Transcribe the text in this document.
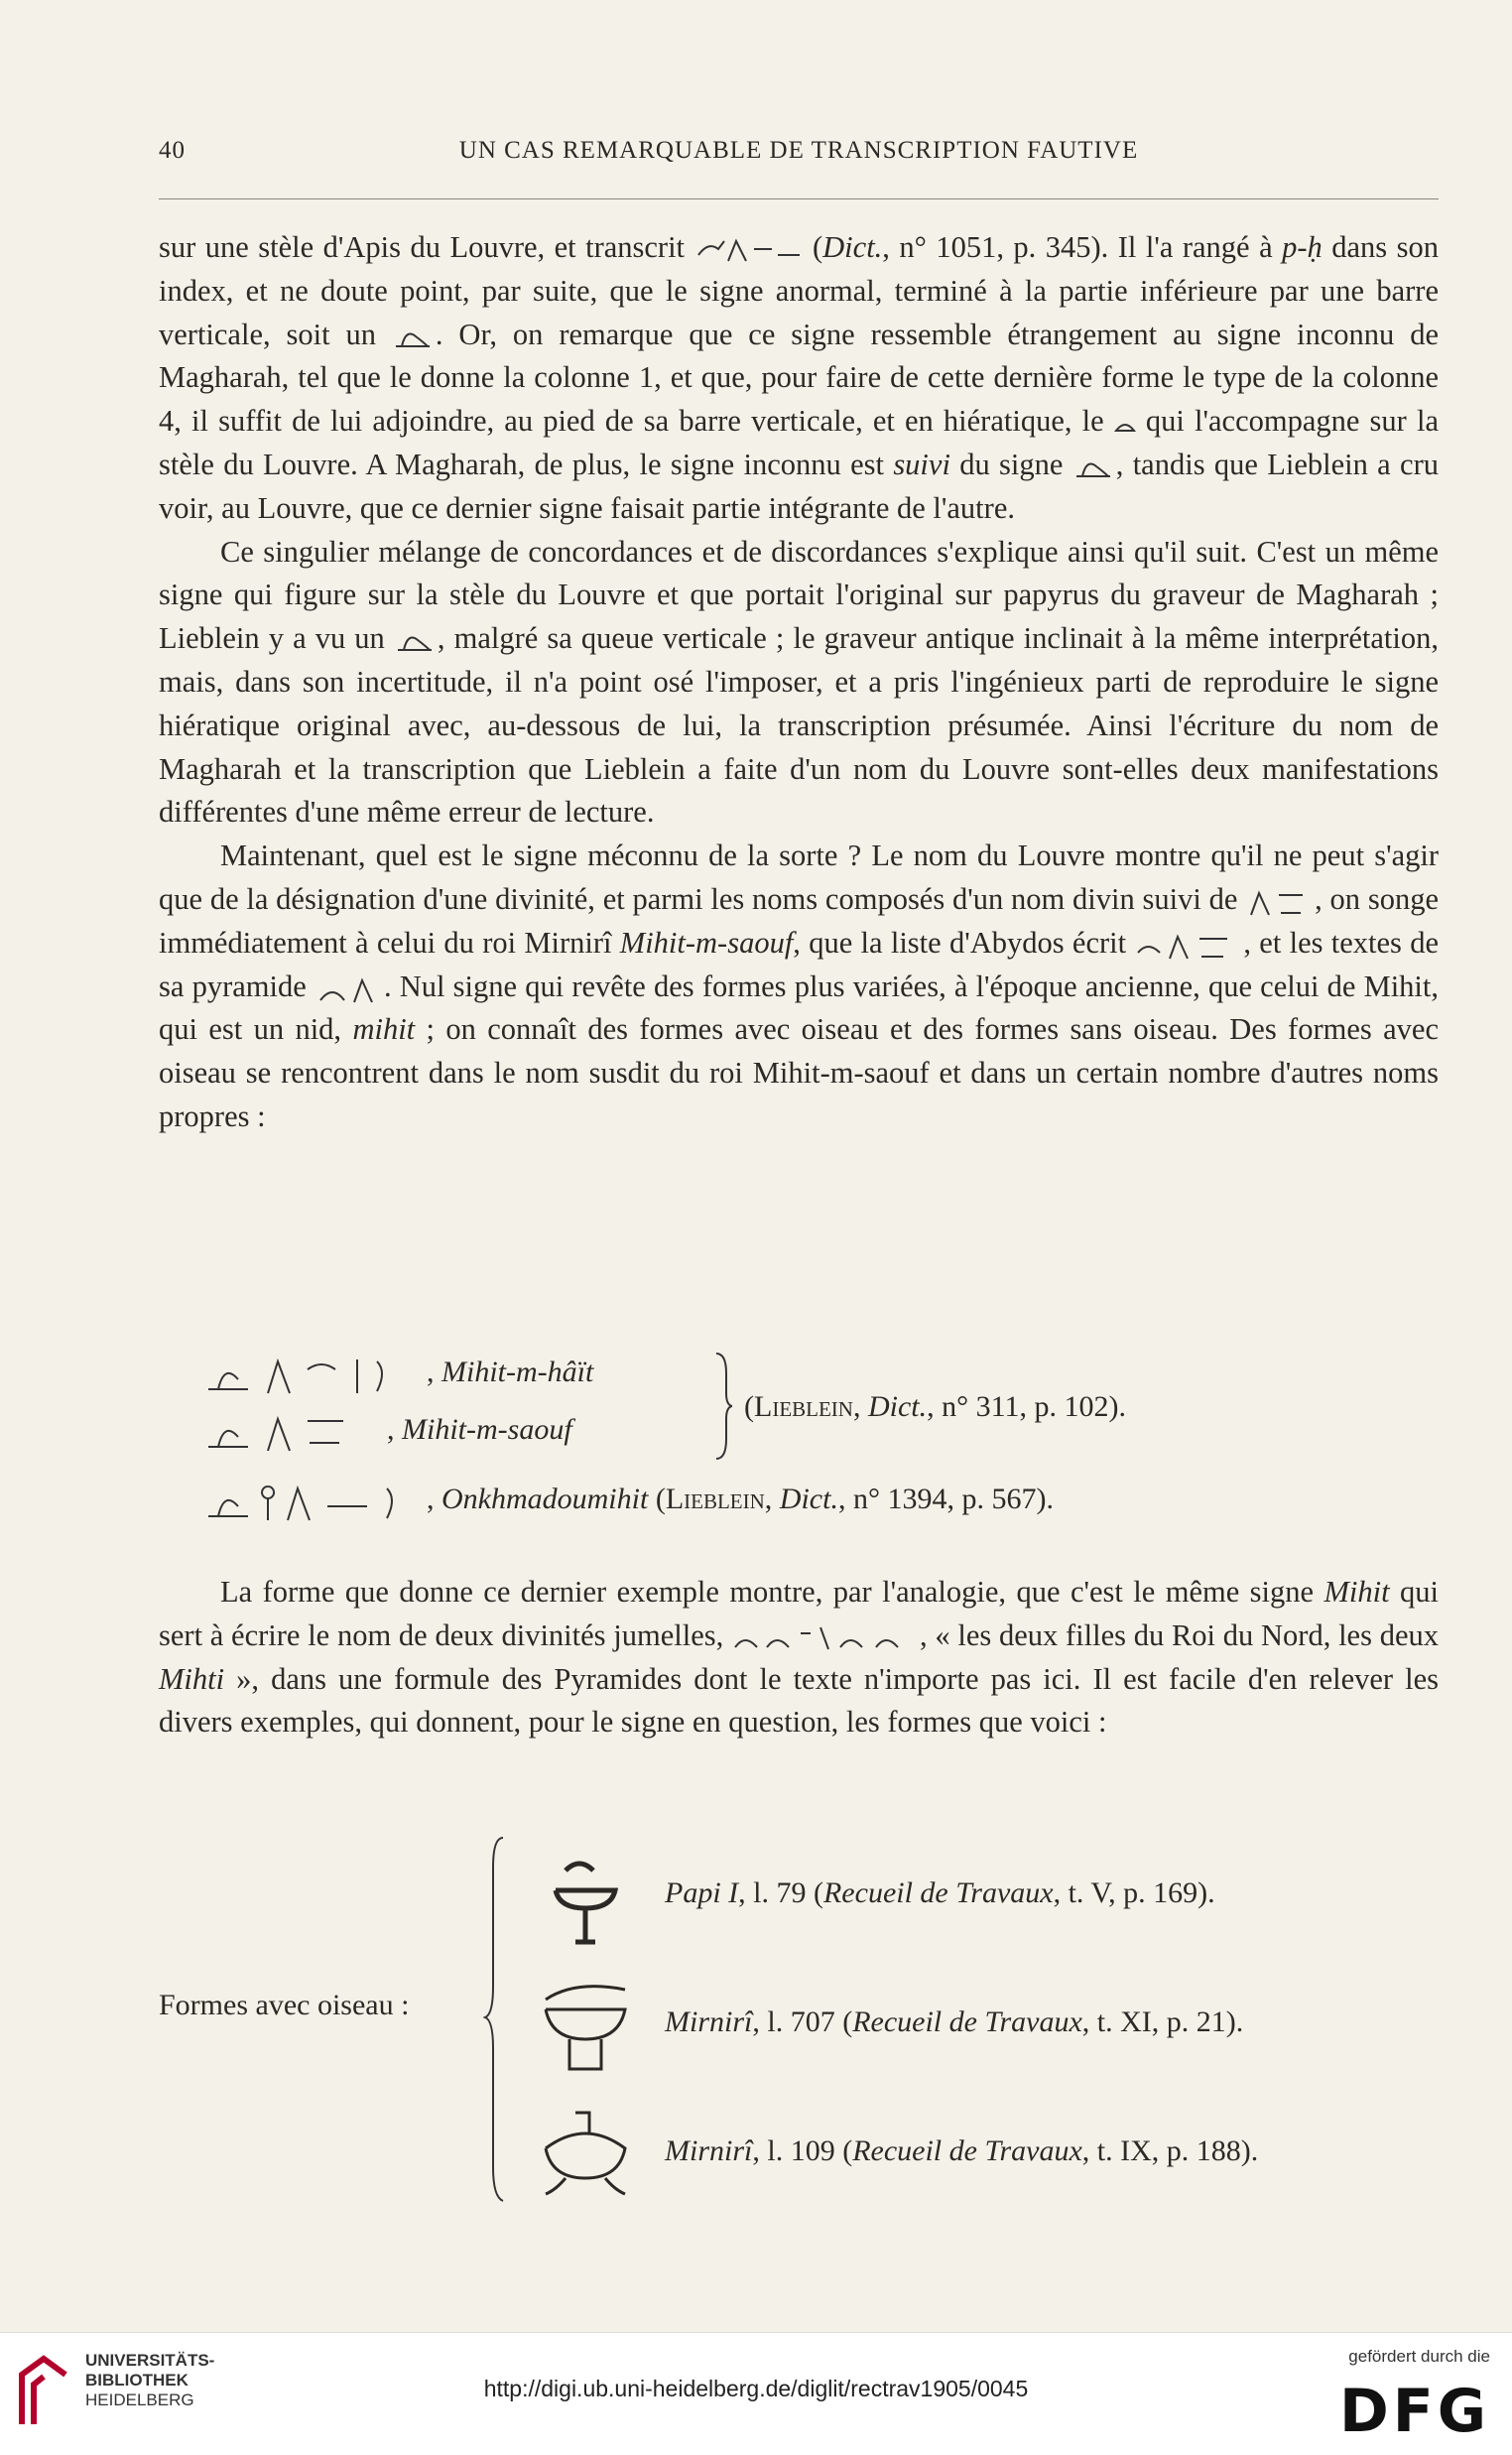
40	UN CAS REMARQUABLE DE TRANSCRIPTION FAUTIVE

sur une stèle d'Apis du Louvre, et transcrit	(Dict., n° 1051, p. 345). Il l'a rangé à p-ḥ dans son index, et ne doute point, par suite, que le signe anormal, terminé à la partie inférieure par une barre verticale, soit un . Or, on remarque que ce signe ressemble étrangement au signe inconnu de Magharah, tel que le donne la colonne 1, et que, pour faire de cette dernière forme le type de la colonne 4, il suffit de lui adjoindre, au pied de sa barre verticale, et en hiératique, le  qui l'accompagne sur la stèle du Louvre. A Magharah, de plus, le signe inconnu est suivi du signe , tandis que Lieblein a cru voir, au Louvre, que ce dernier signe faisait partie intégrante de l'autre.

Ce singulier mélange de concordances et de discordances s'explique ainsi qu'il suit. C'est un même signe qui figure sur la stèle du Louvre et que portait l'original sur papyrus du graveur de Magharah ; Lieblein y a vu un , malgré sa queue verticale ; le graveur antique inclinait à la même interprétation, mais, dans son incertitude, il n'a point osé l'imposer, et a pris l'ingénieux parti de reproduire le signe hiératique original avec, au-dessous de lui, la transcription présumée. Ainsi l'écriture du nom de Magharah et la transcription que Lieblein a faite d'un nom du Louvre sont-elles deux manifestations différentes d'une même erreur de lecture.

Maintenant, quel est le signe méconnu de la sorte ? Le nom du Louvre montre qu'il ne peut s'agir que de la désignation d'une divinité, et parmi les noms composés d'un nom divin suivi de , on songe immédiatement à celui du roi Mirnirî Mihit-m-saouf, que la liste d'Abydos écrit	, et les textes de sa pyramide . Nul signe qui revête des formes plus variées, à l'époque ancienne, que celui de Mihit, qui est un nid, mihit ; on connaît des formes avec oiseau et des formes sans oiseau. Des formes avec oiseau se rencontrent dans le nom susdit du roi Mihit-m-saouf et dans un certain nombre d'autres noms propres :

, Mihit-m-hâït
, Mihit-m-saouf
(Lieblein, Dict., n° 311, p. 102).
, Onkhmadoumihit (Lieblein, Dict., n° 1394, p. 567).

La forme que donne ce dernier exemple montre, par l'analogie, que c'est le même signe Mihit qui sert à écrire le nom de deux divinités jumelles,	, « les deux filles du Roi du Nord, les deux Mihti », dans une formule des Pyramides dont le texte n'importe pas ici. Il est facile d'en relever les divers exemples, qui donnent, pour le signe en question, les formes que voici :

Formes avec oiseau :
Papi I, l. 79 (Recueil de Travaux, t. V, p. 169).
Mirnirî, l. 707 (Recueil de Travaux, t. XI, p. 21).
Mirnirî, l. 109 (Recueil de Travaux, t. IX, p. 188).
UNIVERSITÄTS-
BIBLIOTHEK
HEIDELBERG	http://digi.ub.uni-heidelberg.de/diglit/rectrav1905/0045
gefördert durch die
DFG
